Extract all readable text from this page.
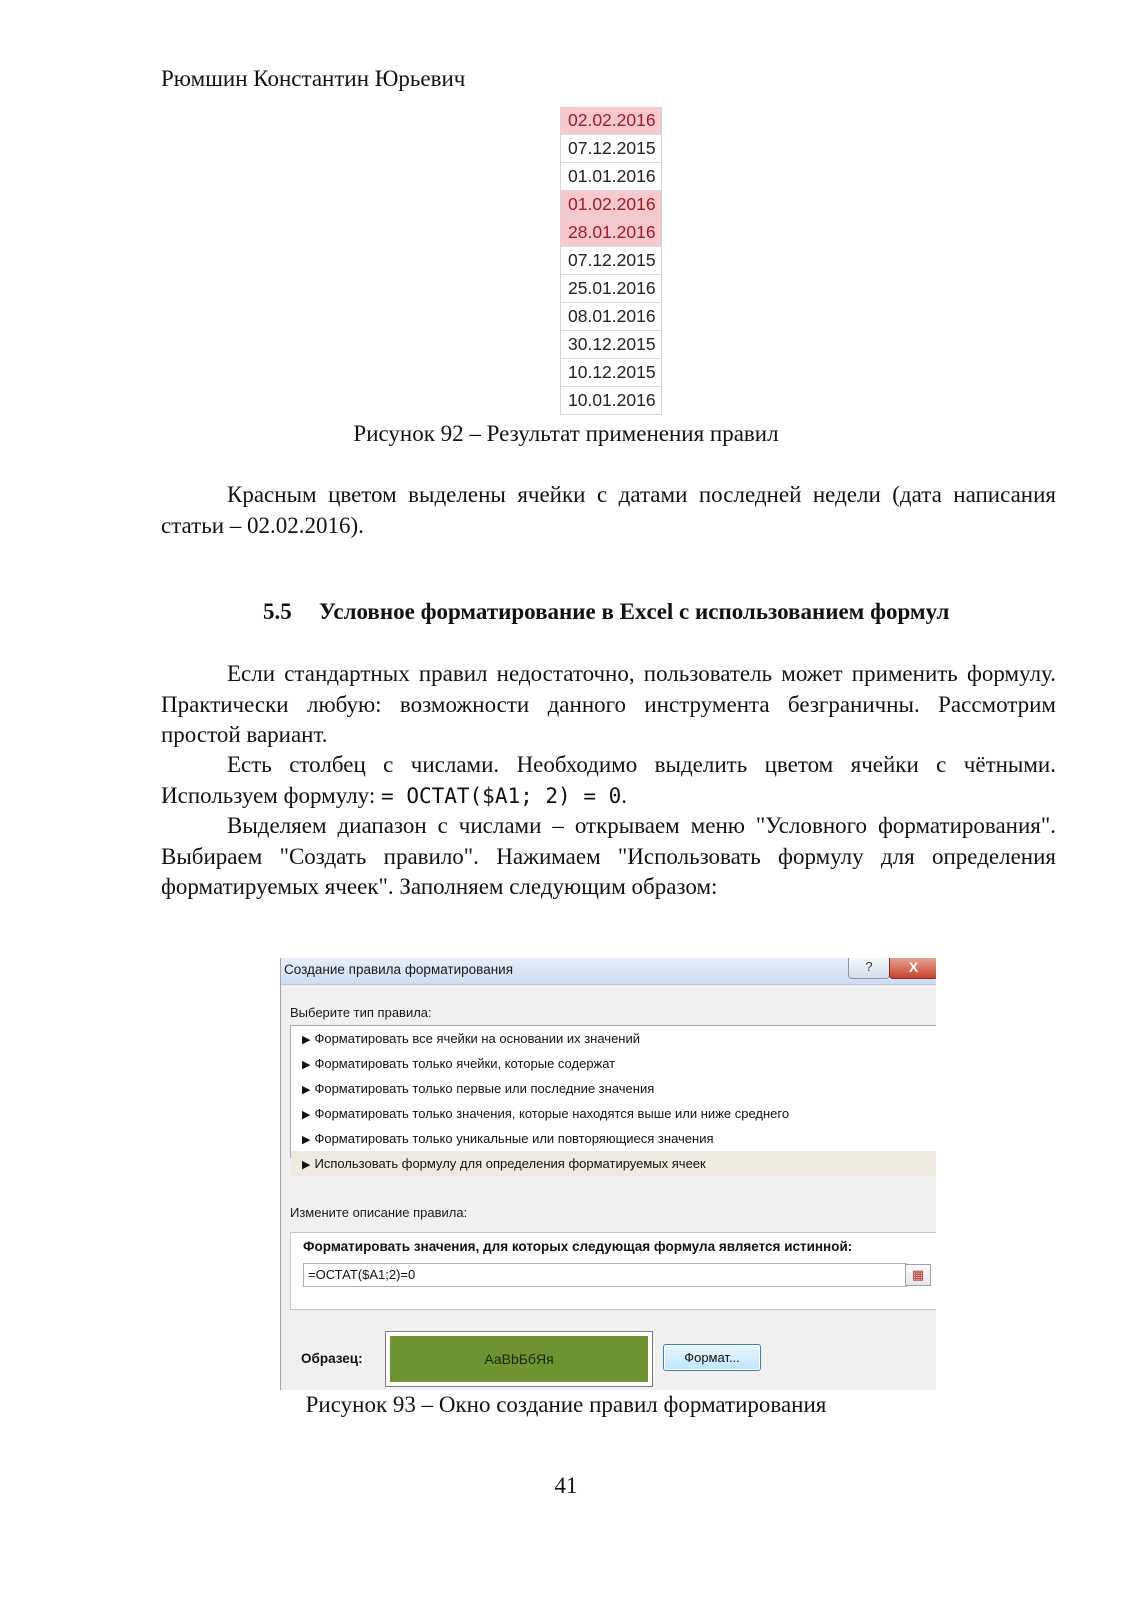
Рюмшин Константин Юрьевич
02.02.2016
07.12.2015
01.01.2016
01.02.2016
28.01.2016
07.12.2015
25.01.2016
08.01.2016
30.12.2015
10.12.2015
10.01.2016
Рисунок 92 – Результат применения правил

Красным цветом выделены ячейки с датами последней недели (дата написания статьи – 02.02.2016).

5.5 Условное форматирование в Excel с использованием формул

Если стандартных правил недостаточно, пользователь может применить формулу. Практически любую: возможности данного инструмента безграничны. Рассмотрим простой вариант.

Есть столбец с числами. Необходимо выделить цветом ячейки с чётными. Используем формулу: = ОСТАТ($A1; 2) = 0.

Выделяем диапазон с числами – открываем меню "Условного форматирования". Выбираем "Создать правило". Нажимаем "Использовать формулу для определения форматируемых ячеек". Заполняем следующим образом:

Создание правила форматирования	?	X
Выберите тип правила:
▶ Форматировать все ячейки на основании их значений
▶ Форматировать только ячейки, которые содержат
▶ Форматировать только первые или последние значения
▶ Форматировать только значения, которые находятся выше или ниже среднего
▶ Форматировать только уникальные или повторяющиеся значения
▶ Использовать формулу для определения форматируемых ячеек
Измените описание правила:
Форматировать значения, для которых следующая формула является истинной:
=ОСТАТ($A1;2)=0	▦
Образец:	АаВbБбЯя	Формат...
Рисунок 93 – Окно создание правил форматирования
41
